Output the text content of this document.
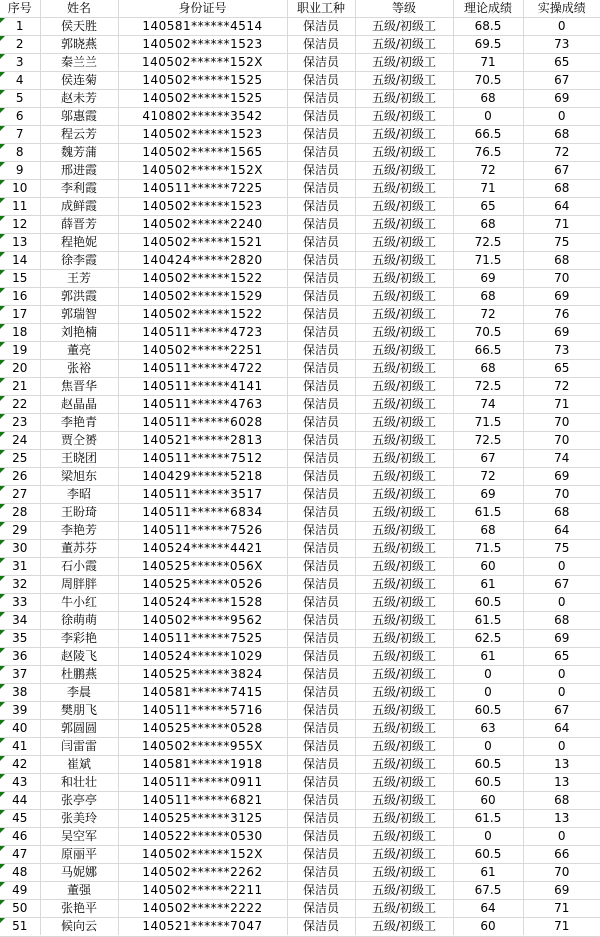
序号	姓名	身份证号	职业工种	等级	理论成绩	实操成绩

1	侯天胜	140581******4514	保洁员	五级/初级工	68.5	0

2	郭晓燕	140502******1523	保洁员	五级/初级工	69.5	73

3	秦兰兰	140502******152X	保洁员	五级/初级工	71	65

4	侯连菊	140502******1525	保洁员	五级/初级工	70.5	67

5	赵未芳	140502******1525	保洁员	五级/初级工	68	69

6	邬惠霞	410802******3542	保洁员	五级/初级工	0	0

7	程云芳	140502******1523	保洁员	五级/初级工	66.5	68

8	魏芳蒲	140502******1565	保洁员	五级/初级工	76.5	72

9	邢进霞	140502******152X	保洁员	五级/初级工	72	67

10	李利霞	140511******7225	保洁员	五级/初级工	71	68

11	成鲜霞	140502******1523	保洁员	五级/初级工	65	64

12	薛晋芳	140502******2240	保洁员	五级/初级工	68	71

13	程艳妮	140502******1521	保洁员	五级/初级工	72.5	75

14	徐李霞	140424******2820	保洁员	五级/初级工	71.5	68

15	王芳	140502******1522	保洁员	五级/初级工	69	70

16	郭洪霞	140502******1529	保洁员	五级/初级工	68	69

17	郭瑞智	140502******1522	保洁员	五级/初级工	72	76

18	刘艳楠	140511******4723	保洁员	五级/初级工	70.5	69

19	董亮	140502******2251	保洁员	五级/初级工	66.5	73

20	张裕	140511******4722	保洁员	五级/初级工	68	65

21	焦晋华	140511******4141	保洁员	五级/初级工	72.5	72

22	赵晶晶	140511******4763	保洁员	五级/初级工	74	71

23	李艳青	140511******6028	保洁员	五级/初级工	71.5	70

24	贾仝赟	140521******2813	保洁员	五级/初级工	72.5	70

25	王晓团	140511******7512	保洁员	五级/初级工	67	74

26	梁旭东	140429******5218	保洁员	五级/初级工	72	69

27	李昭	140511******3517	保洁员	五级/初级工	69	70

28	王盼琦	140511******6834	保洁员	五级/初级工	61.5	68

29	李艳芳	140511******7526	保洁员	五级/初级工	68	64

30	董苏芬	140524******4421	保洁员	五级/初级工	71.5	75

31	石小霞	140525******056X	保洁员	五级/初级工	60	0

32	周胖胖	140525******0526	保洁员	五级/初级工	61	67

33	牛小红	140524******1528	保洁员	五级/初级工	60.5	0

34	徐萌萌	140502******9562	保洁员	五级/初级工	61.5	68

35	李彩艳	140511******7525	保洁员	五级/初级工	62.5	69

36	赵陵飞	140524******1029	保洁员	五级/初级工	61	65

37	杜鹏燕	140525******3824	保洁员	五级/初级工	0	0

38	李晨	140581******7415	保洁员	五级/初级工	0	0

39	樊朋飞	140511******5716	保洁员	五级/初级工	60.5	67

40	郭圆圆	140525******0528	保洁员	五级/初级工	63	64

41	闫雷雷	140502******955X	保洁员	五级/初级工	0	0

42	崔斌	140581******1918	保洁员	五级/初级工	60.5	13

43	和壮壮	140511******0911	保洁员	五级/初级工	60.5	13

44	张亭亭	140511******6821	保洁员	五级/初级工	60	68

45	张美玲	140525******3125	保洁员	五级/初级工	61.5	13

46	吴空军	140522******0530	保洁员	五级/初级工	0	0

47	原丽平	140502******152X	保洁员	五级/初级工	60.5	66

48	马妮娜	140502******2262	保洁员	五级/初级工	61	70

49	董强	140502******2211	保洁员	五级/初级工	67.5	69

50	张艳平	140502******2222	保洁员	五级/初级工	64	71

51	候向云	140521******7047	保洁员	五级/初级工	60	71
